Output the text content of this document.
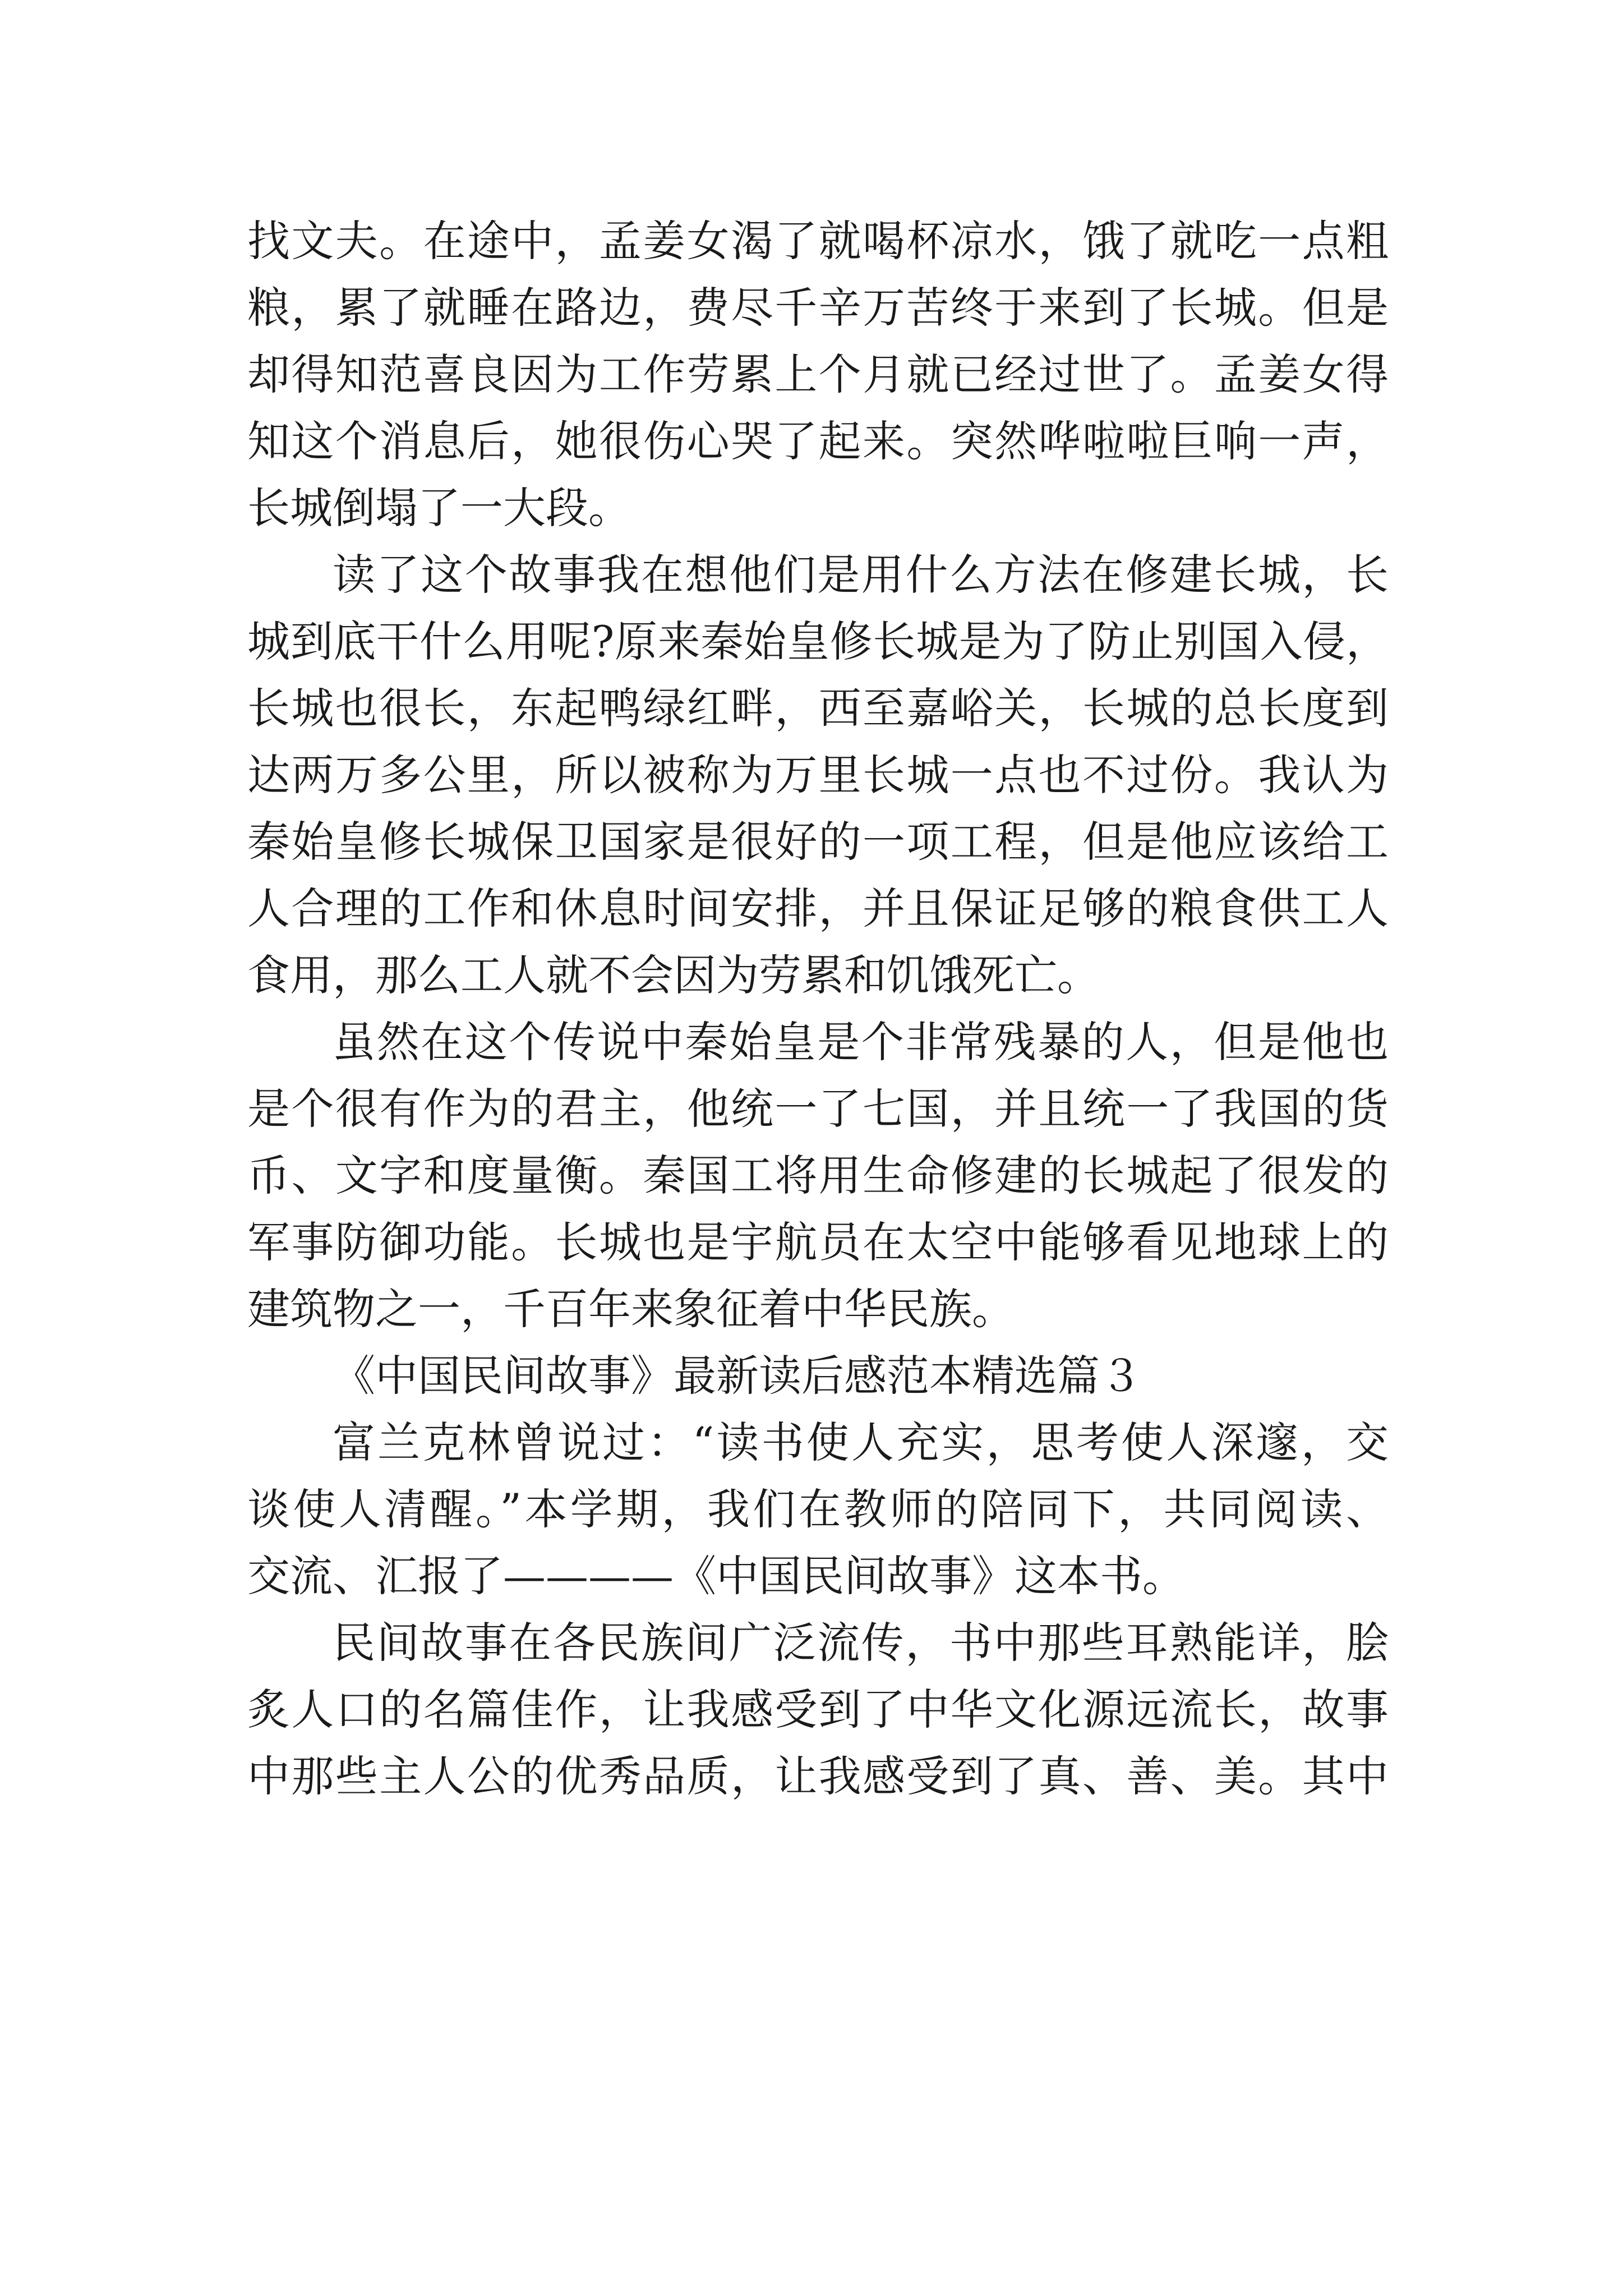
找文夫。在途中，孟姜女渴了就喝杯凉水，饿了就吃一点粗
粮，累了就睡在路边，费尽千辛万苦终于来到了长城。但是
却得知范喜良因为工作劳累上个月就已经过世了。孟姜女得
知这个消息后，她很伤心哭了起来。突然哗啦啦巨响一声，
长城倒塌了一大段。
读了这个故事我在想他们是用什么方法在修建长城，长
城到底干什么用呢?原来秦始皇修长城是为了防止别国入侵，
长城也很长，东起鸭绿红畔，西至嘉峪关，长城的总长度到
达两万多公里，所以被称为万里长城一点也不过份。我认为
秦始皇修长城保卫国家是很好的一项工程，但是他应该给工
人合理的工作和休息时间安排，并且保证足够的粮食供工人
食用，那么工人就不会因为劳累和饥饿死亡。
虽然在这个传说中秦始皇是个非常残暴的人，但是他也
是个很有作为的君主，他统一了七国，并且统一了我国的货
币、文字和度量衡。秦国工将用生命修建的长城起了很发的
军事防御功能。长城也是宇航员在太空中能够看见地球上的
建筑物之一，千百年来象征着中华民族。
《中国民间故事》最新读后感范本精选篇３
富兰克林曾说过：“读书使人充实，思考使人深邃，交
谈使人清醒。”本学期，我们在教师的陪同下，共同阅读、
交流、汇报了————《中国民间故事》这本书。
民间故事在各民族间广泛流传，书中那些耳熟能详，脍
炙人口的名篇佳作，让我感受到了中华文化源远流长，故事
中那些主人公的优秀品质，让我感受到了真、善、美。其中
